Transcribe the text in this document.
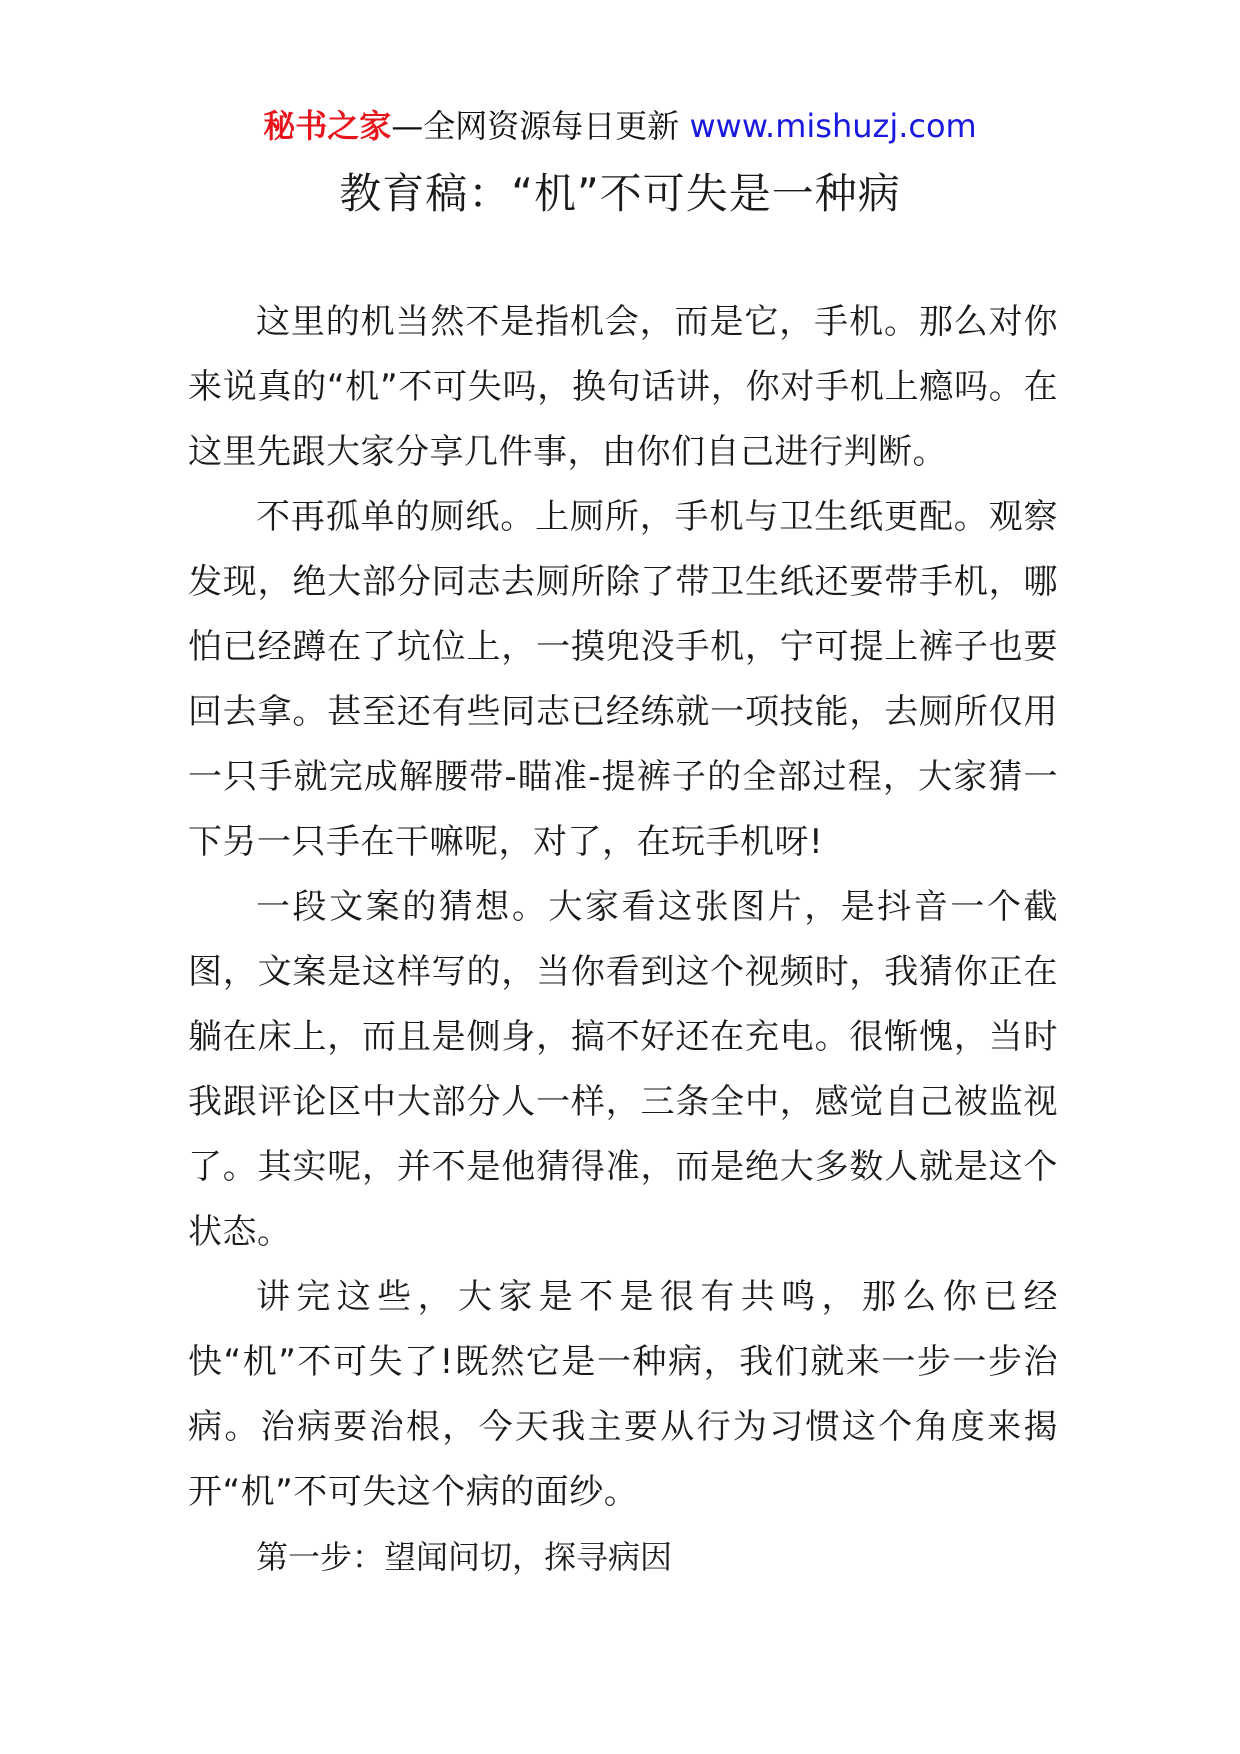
秘书之家—全网资源每日更新 www.mishuzj.com
教育稿：“机”不可失是一种病

这里的机当然不是指机会，而是它，手机。那么对你来说真的“机”不可失吗，换句话讲，你对手机上瘾吗。在这里先跟大家分享几件事，由你们自己进行判断。

不再孤单的厕纸。上厕所，手机与卫生纸更配。观察发现，绝大部分同志去厕所除了带卫生纸还要带手机，哪怕已经蹲在了坑位上，一摸兜没手机，宁可提上裤子也要回去拿。甚至还有些同志已经练就一项技能，去厕所仅用一只手就完成解腰带-瞄准-提裤子的全部过程，大家猜一下另一只手在干嘛呢，对了，在玩手机呀!

一段文案的猜想。大家看这张图片，是抖音一个截图，文案是这样写的，当你看到这个视频时，我猜你正在躺在床上，而且是侧身，搞不好还在充电。很惭愧，当时我跟评论区中大部分人一样，三条全中，感觉自己被监视了。其实呢，并不是他猜得准，而是绝大多数人就是这个状态。

讲完这些，大家是不是很有共鸣，那么你已经快“机”不可失了!既然它是一种病，我们就来一步一步治病。治病要治根，今天我主要从行为习惯这个角度来揭开“机”不可失这个病的面纱。

第一步：望闻问切，探寻病因
